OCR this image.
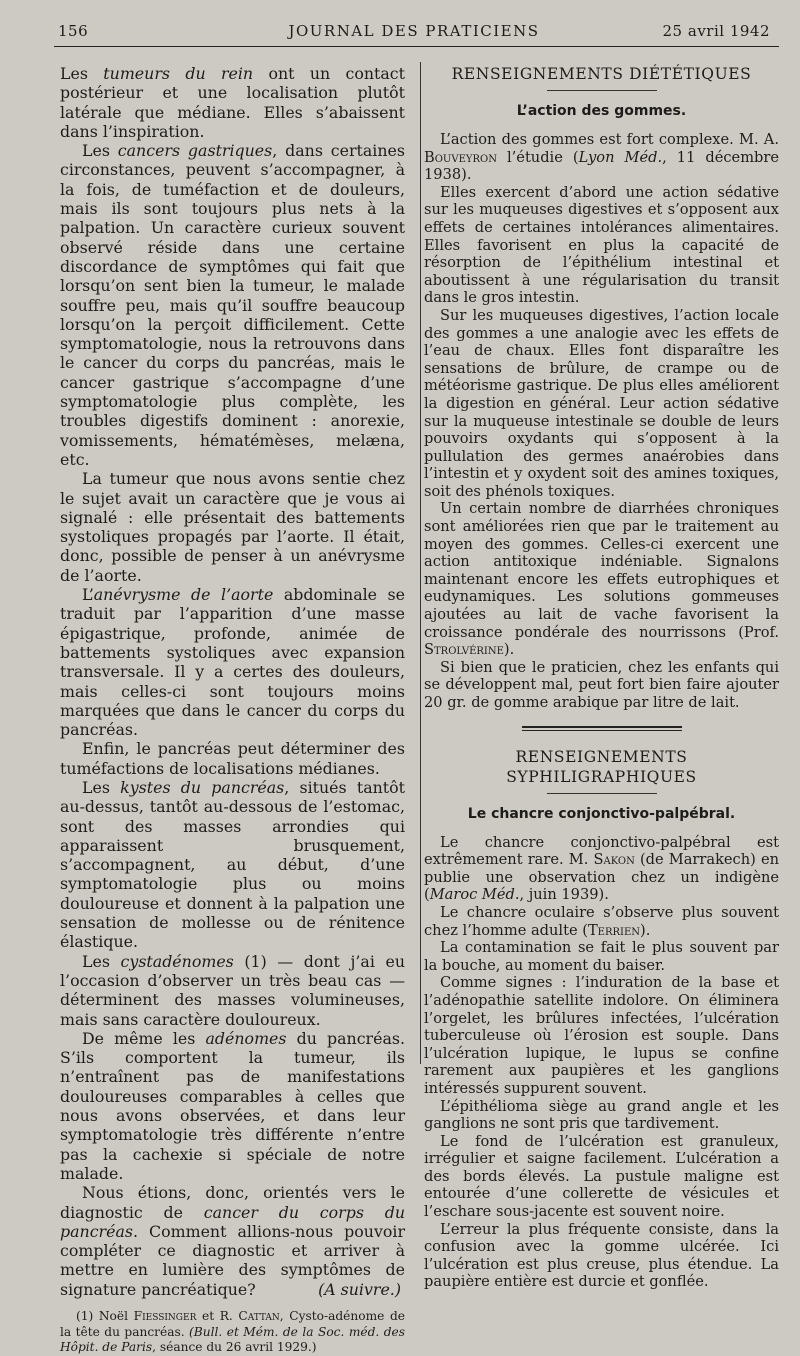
156	JOURNAL DES PRATICIENS	25 avril 1942

Les tumeurs du rein ont un contact postérieur et une localisation plutôt latérale que médiane. Elles s’abaissent dans l’inspiration.

Les cancers gastriques, dans certaines circonstances, peuvent s’accompagner, à la fois, de tuméfaction et de douleurs, mais ils sont toujours plus nets à la palpation. Un caractère curieux souvent observé réside dans une certaine discordance de symptômes qui fait que lorsqu’on sent bien la tumeur, le malade souffre peu, mais qu’il souffre beaucoup lorsqu’on la perçoit difficilement. Cette symptomatologie, nous la retrouvons dans le cancer du corps du pancréas, mais le cancer gastrique s’accompagne d’une symptomatologie plus complète, les troubles digestifs dominent : anorexie, vomissements, hématémèses, melæna, etc.

La tumeur que nous avons sentie chez le sujet avait un caractère que je vous ai signalé : elle présentait des battements systoliques propagés par l’aorte. Il était, donc, possible de penser à un anévrysme de l’aorte.

L’anévrysme de l’aorte abdominale se traduit par l’apparition d’une masse épigastrique, profonde, animée de battements systoliques avec expansion transversale. Il y a certes des douleurs, mais celles-ci sont toujours moins marquées que dans le cancer du corps du pancréas.

Enfin, le pancréas peut déterminer des tuméfactions de localisations médianes.

Les kystes du pancréas, situés tantôt au-dessus, tantôt au-dessous de l’estomac, sont des masses arrondies qui apparaissent brusquement, s’accompagnent, au début, d’une symptomatologie plus ou moins douloureuse et donnent à la palpation une sensation de mollesse ou de rénitence élastique.

Les cystadénomes (1) — dont j’ai eu l’occasion d’observer un très beau cas — déterminent des masses volumineuses, mais sans caractère douloureux.

De même les adénomes du pancréas. S’ils comportent la tumeur, ils n’entraînent pas de manifestations douloureuses comparables à celles que nous avons observées, et dans leur symptomatologie très différente n’entre pas la cachexie si spéciale de notre malade.

Nous étions, donc, orientés vers le diagnostic de cancer du corps du pancréas. Comment allions-nous pouvoir compléter ce diagnostic et arriver à mettre en lumière des symptômes de signature pancréatique?	(A suivre.)

(1) Noël Fiessinger et R. Cattan, Cysto-adénome de la tête du pancréas. (Bull. et Mém. de la Soc. méd. des Hôpit. de Paris, séance du 26 avril 1929.)

RENSEIGNEMENTS DIÉTÉTIQUES
L’action des gommes.

L’action des gommes est fort complexe. M. A. Bouveyron l’étudie (Lyon Méd., 11 décembre 1938).

Elles exercent d’abord une action sédative sur les muqueuses digestives et s’opposent aux effets de certaines intolérances alimentaires. Elles favorisent en plus la capacité de résorption de l’épithélium intestinal et aboutissent à une régularisation du transit dans le gros intestin.

Sur les muqueuses digestives, l’action locale des gommes a une analogie avec les effets de l’eau de chaux. Elles font disparaître les sensations de brûlure, de crampe ou de météorisme gastrique. De plus elles améliorent la digestion en général. Leur action sédative sur la muqueuse intestinale se double de leurs pouvoirs oxydants qui s’opposent à la pullulation des germes anaérobies dans l’intestin et y oxydent soit des amines toxiques, soit des phénols toxiques.

Un certain nombre de diarrhées chroniques sont améliorées rien que par le traitement au moyen des gommes. Celles-ci exercent une action antitoxique indéniable. Signalons maintenant encore les effets eutrophiques et eudynamiques. Les solutions gommeuses ajoutées au lait de vache favorisent la croissance pondérale des nourrissons (Prof. Strolvérine).

Si bien que le praticien, chez les enfants qui se développent mal, peut fort bien faire ajouter 20 gr. de gomme arabique par litre de lait.

RENSEIGNEMENTS SYPHILIGRAPHIQUES
Le chancre conjonctivo-palpébral.

Le chancre conjonctivo-palpébral est extrêmement rare. M. Sakon (de Marrakech) en publie une observation chez un indigène (Maroc Méd., juin 1939).

Le chancre oculaire s’observe plus souvent chez l’homme adulte (Terrien).

La contamination se fait le plus souvent par la bouche, au moment du baiser.

Comme signes : l’induration de la base et l’adénopathie satellite indolore. On éliminera l’orgelet, les brûlures infectées, l’ulcération tuberculeuse où l’érosion est souple. Dans l’ulcération lupique, le lupus se confine rarement aux paupières et les ganglions intéressés suppurent souvent.

L’épithélioma siège au grand angle et les ganglions ne sont pris que tardivement.

Le fond de l’ulcération est granuleux, irrégulier et saigne facilement. L’ulcération a des bords élevés. La pustule maligne est entourée d’une collerette de vésicules et l’eschare sous-jacente est souvent noire.

L’erreur la plus fréquente consiste, dans la confusion avec la gomme ulcérée. Ici l’ulcération est plus creuse, plus étendue. La paupière entière est durcie et gonflée.
